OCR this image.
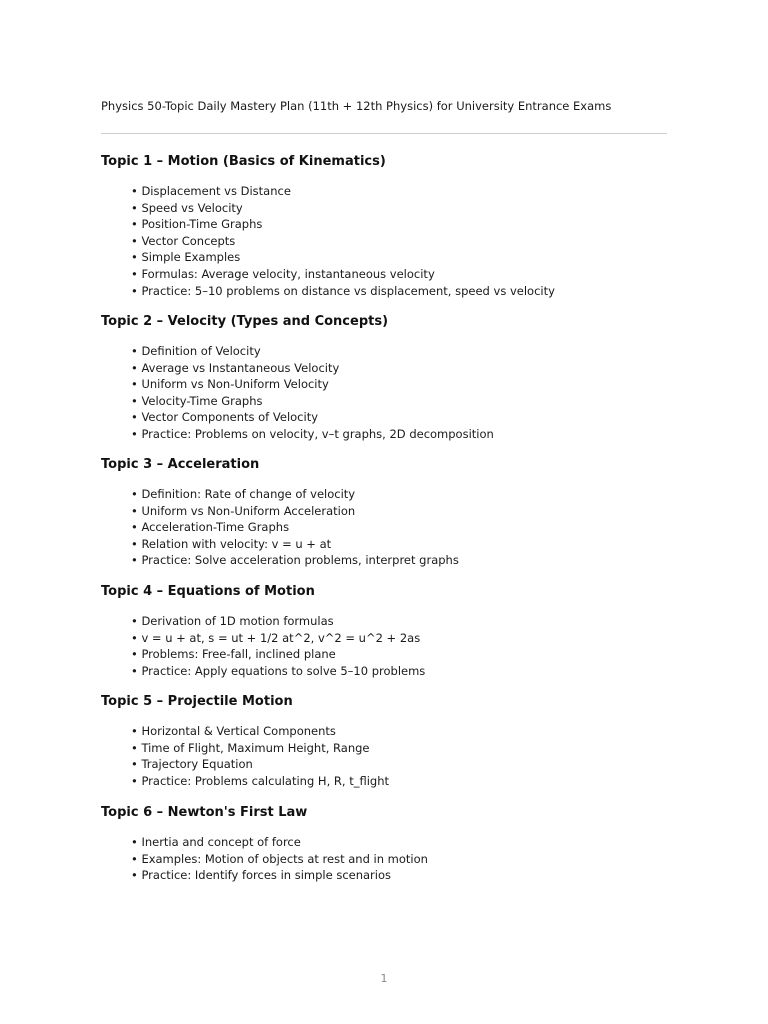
Physics 50-Topic Daily Mastery Plan (11th + 12th Physics) for University Entrance Exams
Topic 1 – Motion (Basics of Kinematics)
• Displacement vs Distance
• Speed vs Velocity
• Position-Time Graphs
• Vector Concepts
• Simple Examples
• Formulas: Average velocity, instantaneous velocity
• Practice: 5–10 problems on distance vs displacement, speed vs velocity
Topic 2 – Velocity (Types and Concepts)
• Definition of Velocity
• Average vs Instantaneous Velocity
• Uniform vs Non-Uniform Velocity
• Velocity-Time Graphs
• Vector Components of Velocity
• Practice: Problems on velocity, v–t graphs, 2D decomposition
Topic 3 – Acceleration
• Definition: Rate of change of velocity
• Uniform vs Non-Uniform Acceleration
• Acceleration-Time Graphs
• Relation with velocity: v = u + at
• Practice: Solve acceleration problems, interpret graphs
Topic 4 – Equations of Motion
• Derivation of 1D motion formulas
• v = u + at, s = ut + 1/2 at^2, v^2 = u^2 + 2as
• Problems: Free-fall, inclined plane
• Practice: Apply equations to solve 5–10 problems
Topic 5 – Projectile Motion
• Horizontal & Vertical Components
• Time of Flight, Maximum Height, Range
• Trajectory Equation
• Practice: Problems calculating H, R, t_flight
Topic 6 – Newton's First Law
• Inertia and concept of force
• Examples: Motion of objects at rest and in motion
• Practice: Identify forces in simple scenarios
1
